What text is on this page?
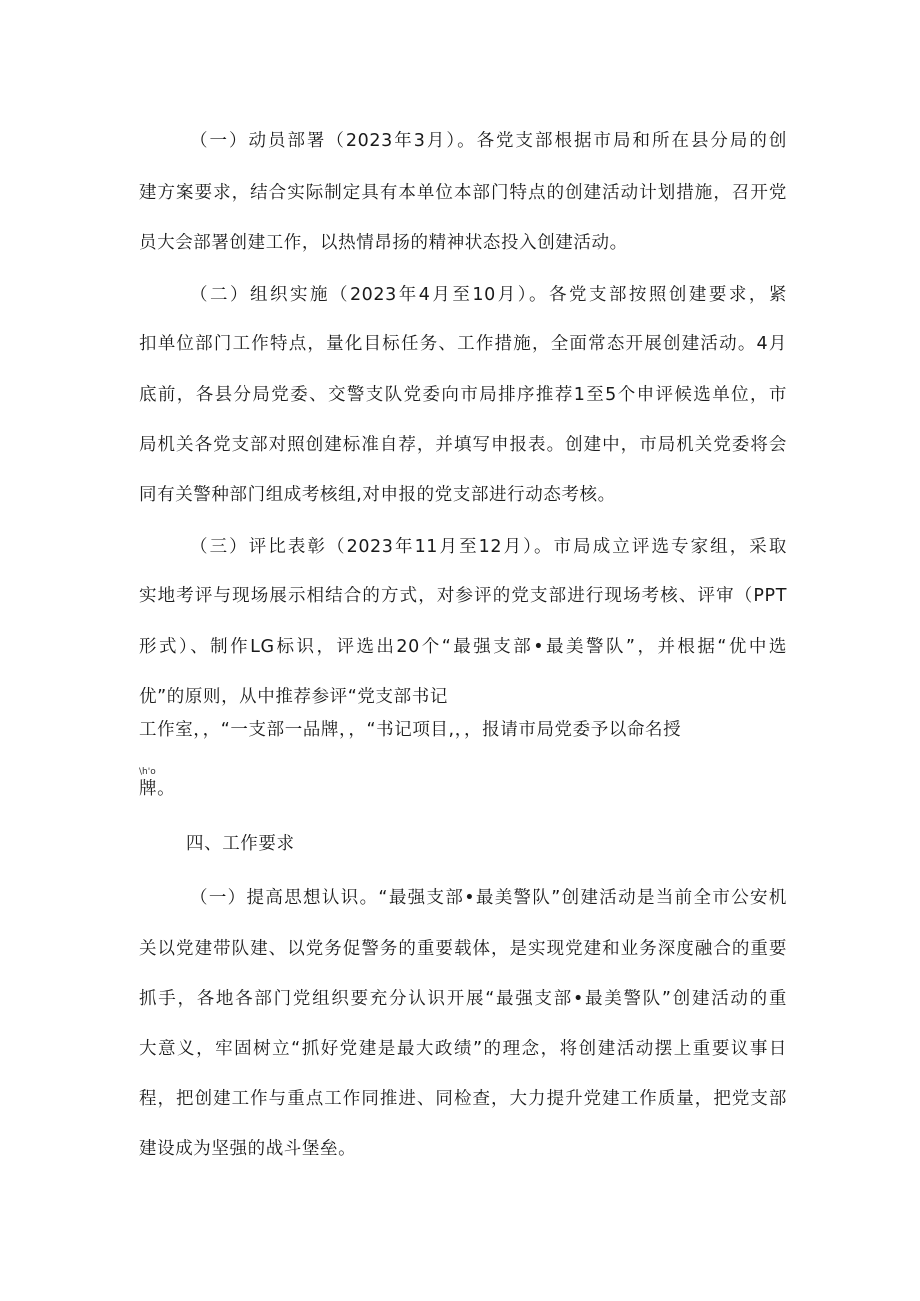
（一）动员部署（2023年3月）。各党支部根据市局和所在县分局的创
建方案要求，结合实际制定具有本单位本部门特点的创建活动计划措施，召开党
员大会部署创建工作，以热情昂扬的精神状态投入创建活动。
（二）组织实施（2023年4月至10月）。各党支部按照创建要求，紧
扣单位部门工作特点，量化目标任务、工作措施，全面常态开展创建活动。4月
底前，各县分局党委、交警支队党委向市局排序推荐1至5个申评候选单位，市
局机关各党支部对照创建标准自荐，并填写申报表。创建中，市局机关党委将会
同有关警种部门组成考核组,对申报的党支部进行动态考核。
（三）评比表彰（2023年11月至12月）。市局成立评选专家组，采取
实地考评与现场展示相结合的方式，对参评的党支部进行现场考核、评审（PPT
形式）、制作LG标识，评选出20个“最强支部•最美警队”，并根据“优中选
优”的原则，从中推荐参评“党支部书记
工作室，，“一支部一品牌，，“书记项目,，，报请市局党委予以命名授
\h'o
牌。
四、工作要求
（一）提高思想认识。“最强支部•最美警队”创建活动是当前全市公安机
关以党建带队建、以党务促警务的重要载体，是实现党建和业务深度融合的重要
抓手，各地各部门党组织要充分认识开展“最强支部•最美警队”创建活动的重
大意义，牢固树立“抓好党建是最大政绩”的理念，将创建活动摆上重要议事日
程，把创建工作与重点工作同推进、同检查，大力提升党建工作质量，把党支部
建设成为坚强的战斗堡垒。
